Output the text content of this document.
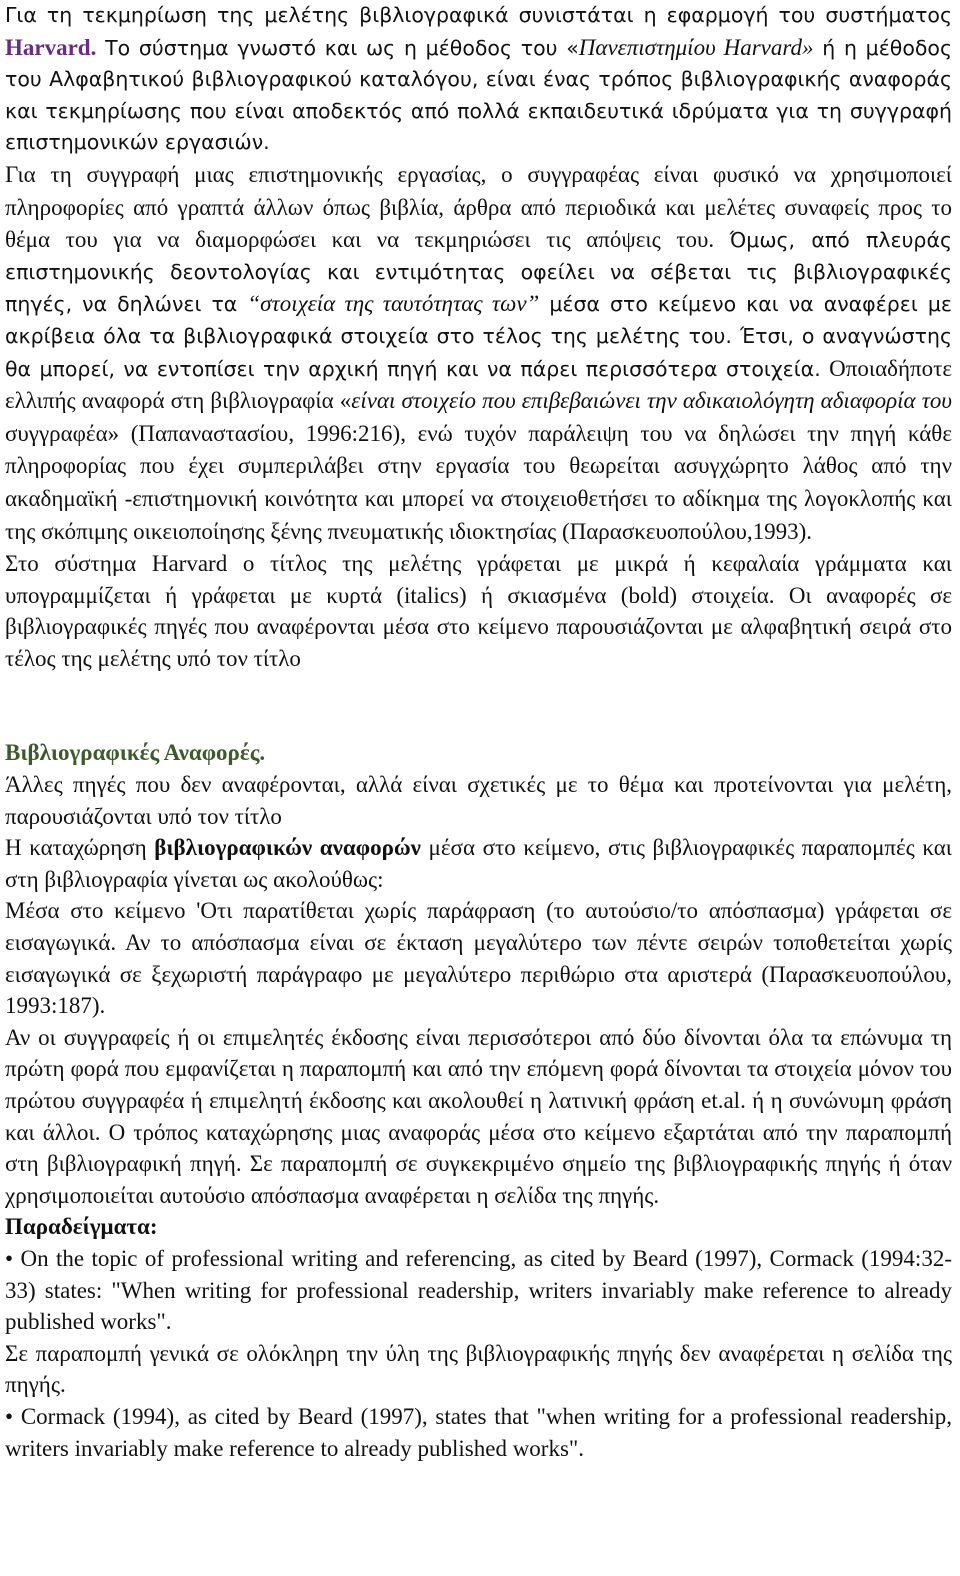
Για τη τεκμηρίωση της μελέτης βιβλιογραφικά συνιστάται η εφαρμογή του συστήματος Harvard. Το σύστημα γνωστό και ως η μέθοδος του «Πανεπιστημίου Harvard» ή η μέθοδος του Αλφαβητικού βιβλιογραφικού καταλόγου, είναι ένας τρόπος βιβλιογραφικής αναφοράς και τεκμηρίωσης που είναι αποδεκτός από πολλά εκπαιδευτικά ιδρύματα για τη συγγραφή επιστημονικών εργασιών.

Για τη συγγραφή μιας επιστημονικής εργασίας, ο συγγραφέας είναι φυσικό να χρησιμοποιεί πληροφορίες από γραπτά άλλων όπως βιβλία, άρθρα από περιοδικά και μελέτες συναφείς προς το θέμα του για να διαμορφώσει και να τεκμηριώσει τις απόψεις του. Όμως, από πλευράς επιστημονικής δεοντολογίας και εντιμότητας οφείλει να σέβεται τις βιβλιογραφικές πηγές, να δηλώνει τα “στοιχεία της ταυτότητας των” μέσα στο κείμενο και να αναφέρει με ακρίβεια όλα τα βιβλιογραφικά στοιχεία στο τέλος της μελέτης του. Έτσι, ο αναγνώστης θα μπορεί, να εντοπίσει την αρχική πηγή και να πάρει περισσότερα στοιχεία. Οποιαδήποτε ελλιπής αναφορά στη βιβλιογραφία «είναι στοιχείο που επιβεβαιώνει την αδικαιολόγητη αδιαφορία του συγγραφέα» (Παπαναστασίου, 1996:216), ενώ τυχόν παράλειψη του να δηλώσει την πηγή κάθε πληροφορίας που έχει συμπεριλάβει στην εργασία του θεωρείται ασυγχώρητο λάθος από την ακαδημαϊκή -επιστημονική κοινότητα και μπορεί να στοιχειοθετήσει το αδίκημα της λογοκλοπής και της σκόπιμης οικειοποίησης ξένης πνευματικής ιδιοκτησίας (Παρασκευοπούλου,1993).

Στο σύστημα Harvard ο τίτλος της μελέτης γράφεται με μικρά ή κεφαλαία γράμματα και υπογραμμίζεται ή γράφεται με κυρτά (italics) ή σκιασμένα (bold) στοιχεία. Οι αναφορές σε βιβλιογραφικές πηγές που αναφέρονται μέσα στο κείμενο παρουσιάζονται με αλφαβητική σειρά στο τέλος της μελέτης υπό τον τίτλο

Βιβλιογραφικές Αναφορές.

Άλλες πηγές που δεν αναφέρονται, αλλά είναι σχετικές με το θέμα και προτείνονται για μελέτη, παρουσιάζονται υπό τον τίτλο

Η καταχώρηση βιβλιογραφικών αναφορών μέσα στο κείμενο, στις βιβλιογραφικές παραπομπές και στη βιβλιογραφία γίνεται ως ακολούθως:

Μέσα στο κείμενο 'Οτι παρατίθεται χωρίς παράφραση (το αυτούσιο/το απόσπασμα) γράφεται σε εισαγωγικά. Αν το απόσπασμα είναι σε έκταση μεγαλύτερο των πέντε σειρών τοποθετείται χωρίς εισαγωγικά σε ξεχωριστή παράγραφο με μεγαλύτερο περιθώριο στα αριστερά (Παρασκευοπούλου, 1993:187).

Αν οι συγγραφείς ή οι επιμελητές έκδοσης είναι περισσότεροι από δύο δίνονται όλα τα επώνυμα τη πρώτη φορά που εμφανίζεται η παραπομπή και από την επόμενη φορά δίνονται τα στοιχεία μόνον του πρώτου συγγραφέα ή επιμελητή έκδοσης και ακολουθεί η λατινική φράση et.al. ή η συνώνυμη φράση και άλλοι. Ο τρόπος καταχώρησης μιας αναφοράς μέσα στο κείμενο εξαρτάται από την παραπομπή στη βιβλιογραφική πηγή. Σε παραπομπή σε συγκεκριμένο σημείο της βιβλιογραφικής πηγής ή όταν χρησιμοποιείται αυτούσιο απόσπασμα αναφέρεται η σελίδα της πηγής.

Παραδείγματα:

• On the topic of professional writing and referencing, as cited by Beard (1997), Cormack (1994:32-33) states: "When writing for professional readership, writers invariably make reference to already published works".

Σε παραπομπή γενικά σε ολόκληρη την ύλη της βιβλιογραφικής πηγής δεν αναφέρεται η σελίδα της πηγής.

• Cormack (1994), as cited by Beard (1997), states that "when writing for a professional readership, writers invariably make reference to already published works".
